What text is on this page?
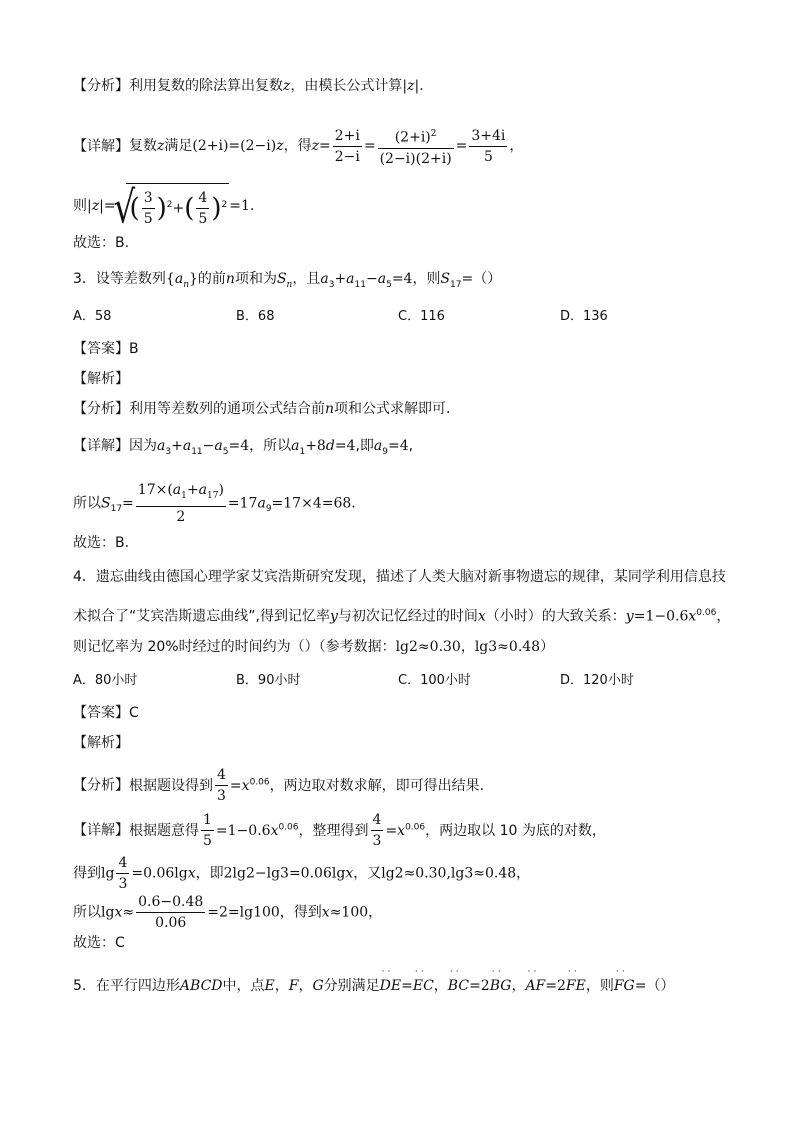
【分析】利用复数的除法算出复数z，由模长公式计算|z|.
【详解】复数z满足(2+i)=(2−i)z，得$z= \frac{2+i}{2-i} = \frac{(2+i)^2}{(2-i)(2+i)} = \frac{3+4i}{5}$ ，
则|z|=√ ( $\frac{3}{5} )^2+( \frac{4}{5} )^2 =1$.
故选：B.
3．设等差数列$\{a_n\}$的前n项和为$S_n$，且$a_3+a_{11}-a_5=4$，则$S_{17}=()$
A．58	B．68	C．116	D．136
【答案】B
【解析】
【分析】利用等差数列的通项公式结合前n项和公式求解即可.
【详解】因为$a_3+a_{11}-a_5=4$，所以$a_1+8d=4$,即$a_9=4$,
所以$S_{17}= \frac{17\times(a_1+a_{17})}{2} =17a_9=17\times 4=68$.
故选：B.
4．遗忘曲线由德国心理学家艾宾浩斯研究发现，描述了人类大脑对新事物遗忘的规律，某同学利用信息技
术拟合了“艾宾浩斯遗忘曲线”,得到记忆率y与初次记忆经过的时间x（小时）的大致关系：$y=1-0.6x^{0.06}$，
则记忆率为 20%时经过的时间约为（）（参考数据：lg2≈0.30，lg3≈0.48）
A．80小时	B．90小时	C．100小时	D．120小时
【答案】C
【解析】
【分析】根据题设得到 $\frac{4}{3} =x^{0.06}$，两边取对数求解，即可得出结果.
【详解】根据题意得 $\frac{1}{5} =1-0.6x^{0.06}$，整理得到 $\frac{4}{3} =x^{0.06}$，两边取以 10 为底的对数，
得到$\lg \frac{4}{3} =0.06\lg x$，即2lg2−lg3=0.06lgx，又lg2≈0.30,lg3≈0.48，
所以$\lg x\approx \frac{0.6-0.48}{0.06} =2=\lg 100$，得到x≈100，
故选：C
5．在平行四边形ABCD中，点E，F，G分别满足˙˙ DE=˙˙ EC，˙˙ BC=2˙˙ BG，˙˙ AF=2˙˙ FE，则˙˙ FG=（）
